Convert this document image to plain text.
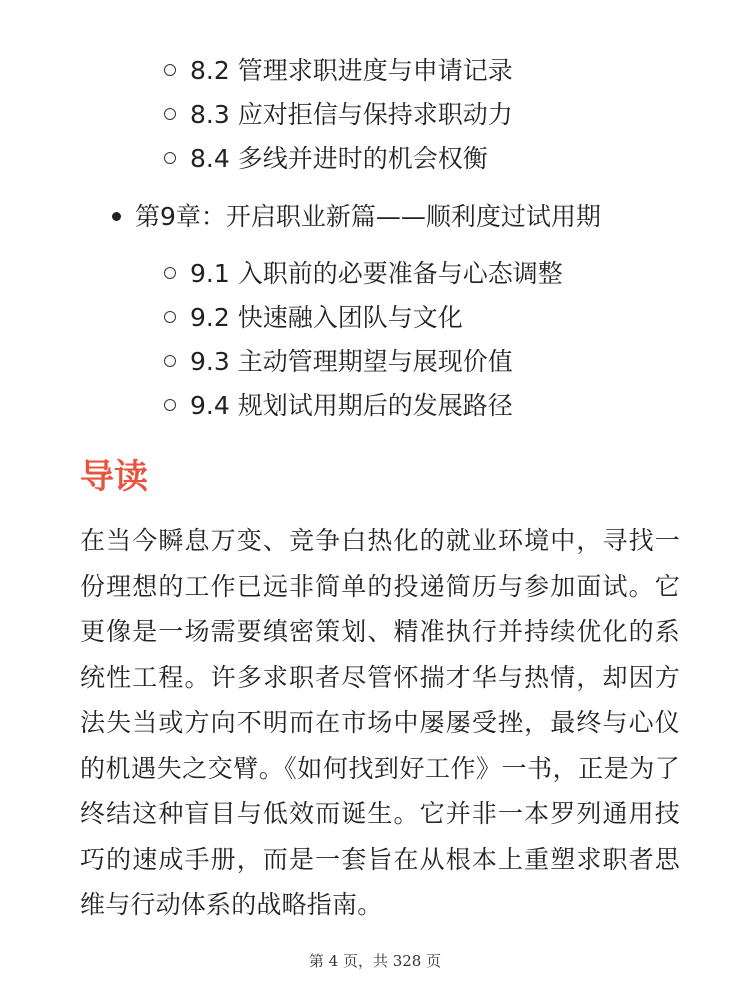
8.2 管理求职进度与申请记录
8.3 应对拒信与保持求职动力
8.4 多线并进时的机会权衡
第9章：开启职业新篇——顺利度过试用期
9.1 入职前的必要准备与心态调整
9.2 快速融入团队与文化
9.3 主动管理期望与展现价值
9.4 规划试用期后的发展路径
导读

在当今瞬息万变、竞争白热化的就业环境中，寻找一份理想的工作已远非简单的投递简历与参加面试。它更像是一场需要缜密策划、精准执行并持续优化的系统性工程。许多求职者尽管怀揣才华与热情，却因方法失当或方向不明而在市场中屡屡受挫，最终与心仪的机遇失之交臂。《如何找到好工作》一书，正是为了终结这种盲目与低效而诞生。它并非一本罗列通用技巧的速成手册，而是一套旨在从根本上重塑求职者思维与行动体系的战略指南。

第 4 页，共 328 页
